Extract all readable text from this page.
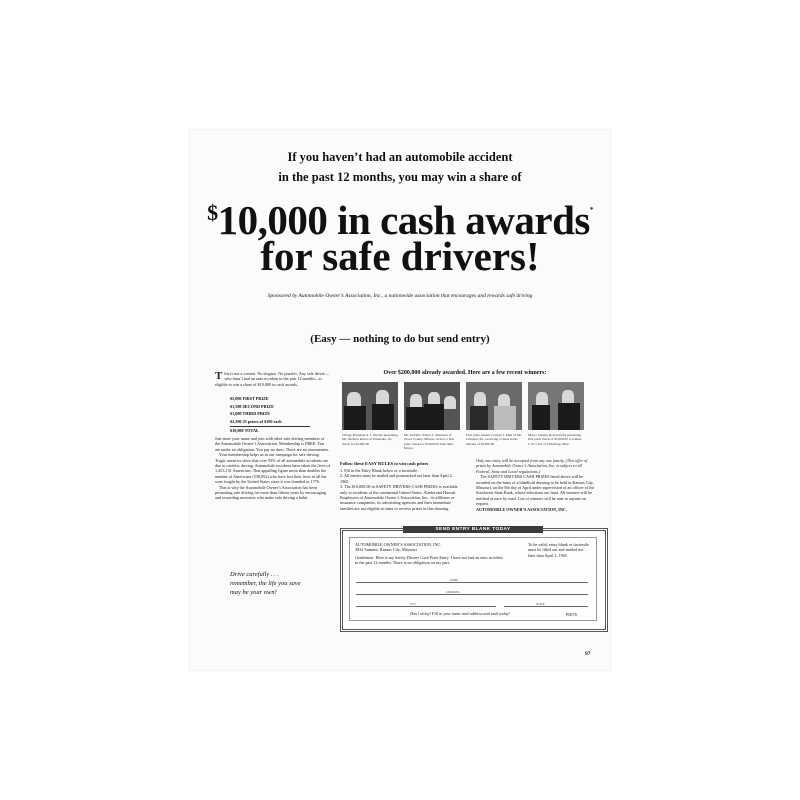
If you haven’t had an automobile accident
in the past 12 months, you may win a share of
$10,000 in cash awards*
for safe drivers!
Sponsored by Automobile Owner’s Association, Inc., a nationwide association that encourages and rewards safe driving
(Easy — nothing to do but send entry)
This is not a contest. No slogans. No puzzles. Any safe driver—who hasn’t had an auto accident in the past 12 months—is eligible to win a share of $10,000 in cash awards.
$5,000 FIRST PRIZE
$1,500 SECOND PRIZE
$1,000 THIRD PRIZE
$2,500 25 prizes of $100 each
$10,000 TOTAL
Just enter your name and join with other safe driving members of the Automobile Owner’s Association. Membership is FREE. You are under no obligation. You pay no dues. There are no assessments.
Your membership helps us in our campaign for safe driving. Tragic statistics show that over 93% of all automobile accidents are due to careless driving. Automobile accidents have taken the lives of 1,453,131 Americans. That appalling figure more than doubles the number of Americans (538,052) who have lost their lives in all the wars fought by the United States since it was founded in 1776.
This is why the Automobile Owner’s Association has been promoting safe driving for more than fifteen years by encouraging and rewarding motorists who make safe driving a habit.
Drive carefully . . .
remember, the life you save
may be your own!
Over $200,000 already awarded. Here are a few recent winners:
Village President A. J. Devine presenting Mr. Sheldon Rivers of Winnetka, Ill., check for $5,000.00
Mr. and Mrs. Elbert L. Muldoon of Wood County, Illinois, receive a first prize check for $5,000.00 from their Mayor.
First prize winner Carolyn J. Muir of Mt. Lebanon, Pa., receiving a check in the amount of $5,000.00
Mayor Stanley Rowan (left) presenting first prize check of $5,000.00 to winner J. W. Card of Vicksburg, Miss.
Follow these EASY RULES to win cash prizes
1. Fill in the Entry Blank below or a facsimile.
2. All entries must be mailed and postmarked not later than April 2, 1965.
3. The $10,000.00 in SAFETY DRIVERS CASH PRIZES is available only to residents of the continental United States, Alaska and Hawaii. Employees of Automobile Owner’s Association, Inc., its affiliates or insurance companies, its advertising agencies and their immediate families are not eligible to enter or receive prizes in this drawing.
Only one entry will be accepted from any one family. (This offer of prizes by Automobile Owner’s Association, Inc. is subject to all Federal, State and Local regulations.)
The SAFETY DRIVERS CASH PRIZES listed above will be awarded on the basis of a blindfold drawing to be held in Kansas City, Missouri, on the 9th day of April under supervision of an officer of the Southwest State Bank, whose selections are final. All winners will be notified at once by mail. List of winners will be sent to anyone on request.
AUTOMOBILE OWNER’S ASSOCIATION, INC.
SEND ENTRY BLANK TODAY
AUTOMOBILE OWNER’S ASSOCIATION, INC.
3832 Summit, Kansas City, Missouri
Gentlemen: Here is my Safety Drivers Cash Prize Entry. I have not had an auto accident in the past 12 months. There is no obligation on my part.
To be valid, entry blank or facsimile must be filled out and mailed not later than April 2, 1965.
NAME
ADDRESS
CITY	STATE
Don’t delay! Fill in your name and address and mail today!	P6078
97
